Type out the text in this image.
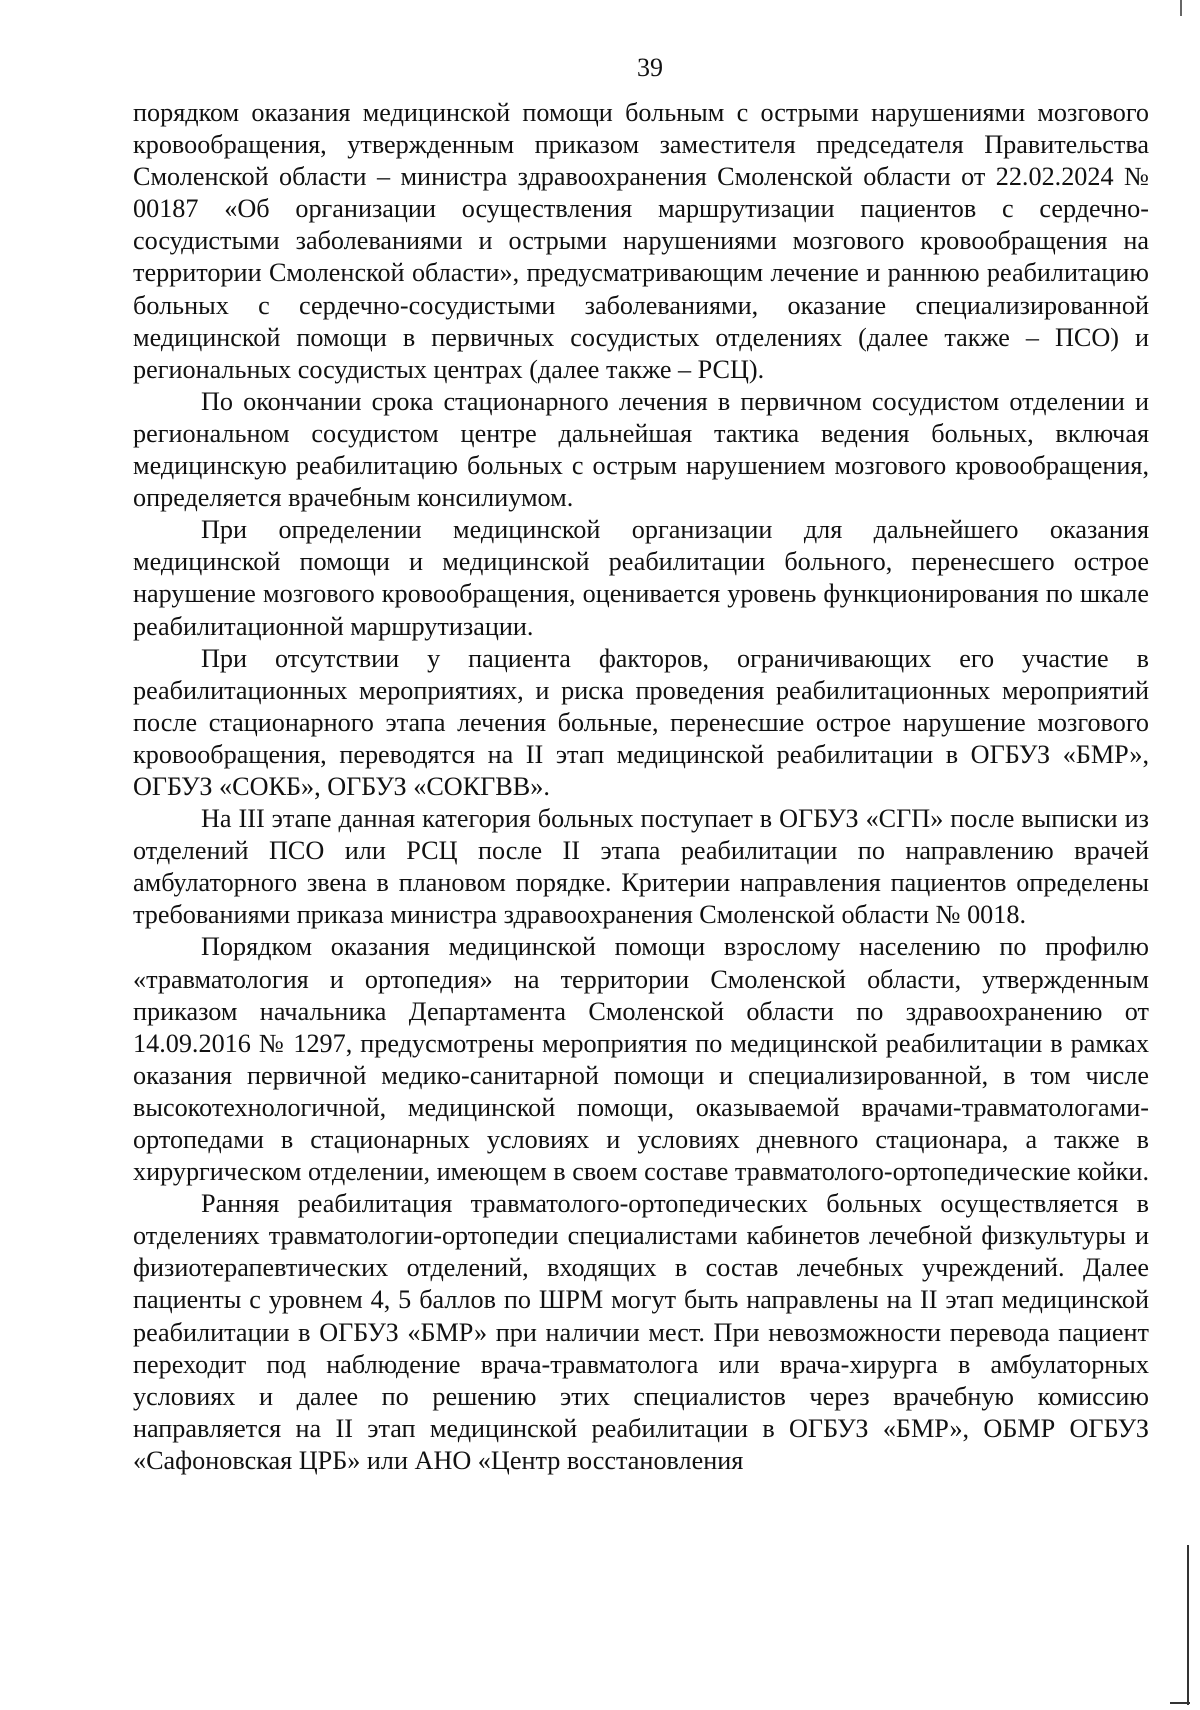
39

порядком оказания медицинской помощи больным с острыми нарушениями мозгового кровообращения, утвержденным приказом заместителя председателя Правительства Смоленской области – министра здравоохранения Смоленской области от 22.02.2024 № 00187 «Об организации осуществления маршрутизации пациентов с сердечно-сосудистыми заболеваниями и острыми нарушениями мозгового кровообращения на территории Смоленской области», предусматривающим лечение и раннюю реабилитацию больных с сердечно-сосудистыми заболеваниями, оказание специализированной медицинской помощи в первичных сосудистых отделениях (далее также – ПСО) и региональных сосудистых центрах (далее также – РСЦ).

По окончании срока стационарного лечения в первичном сосудистом отделении и региональном сосудистом центре дальнейшая тактика ведения больных, включая медицинскую реабилитацию больных с острым нарушением мозгового кровообращения, определяется врачебным консилиумом.

При определении медицинской организации для дальнейшего оказания медицинской помощи и медицинской реабилитации больного, перенесшего острое нарушение мозгового кровообращения, оценивается уровень функционирования по шкале реабилитационной маршрутизации.

При отсутствии у пациента факторов, ограничивающих его участие в реабилитационных мероприятиях, и риска проведения реабилитационных мероприятий после стационарного этапа лечения больные, перенесшие острое нарушение мозгового кровообращения, переводятся на II этап медицинской реабилитации в ОГБУЗ «БМР», ОГБУЗ «СОКБ», ОГБУЗ «СОКГВВ».

На III этапе данная категория больных поступает в ОГБУЗ «СГП» после выписки из отделений ПСО или РСЦ после II этапа реабилитации по направлению врачей амбулаторного звена в плановом порядке. Критерии направления пациентов определены требованиями приказа министра здравоохранения Смоленской области № 0018.

Порядком оказания медицинской помощи взрослому населению по профилю «травматология и ортопедия» на территории Смоленской области, утвержденным приказом начальника Департамента Смоленской области по здравоохранению от 14.09.2016 № 1297, предусмотрены мероприятия по медицинской реабилитации в рамках оказания первичной медико-санитарной помощи и специализированной, в том числе высокотехнологичной, медицинской помощи, оказываемой врачами-травматологами-ортопедами в стационарных условиях и условиях дневного стационара, а также в хирургическом отделении, имеющем в своем составе травматолого-ортопедические койки.

Ранняя реабилитация травматолого-ортопедических больных осуществляется в отделениях травматологии-ортопедии специалистами кабинетов лечебной физкультуры и физиотерапевтических отделений, входящих в состав лечебных учреждений. Далее пациенты с уровнем 4, 5 баллов по ШРМ могут быть направлены на II этап медицинской реабилитации в ОГБУЗ «БМР» при наличии мест. При невозможности перевода пациент переходит под наблюдение врача-травматолога или врача-хирурга в амбулаторных условиях и далее по решению этих специалистов через врачебную комиссию направляется на II этап медицинской реабилитации в ОГБУЗ «БМР», ОБМР ОГБУЗ «Сафоновская ЦРБ» или АНО «Центр восстановления
